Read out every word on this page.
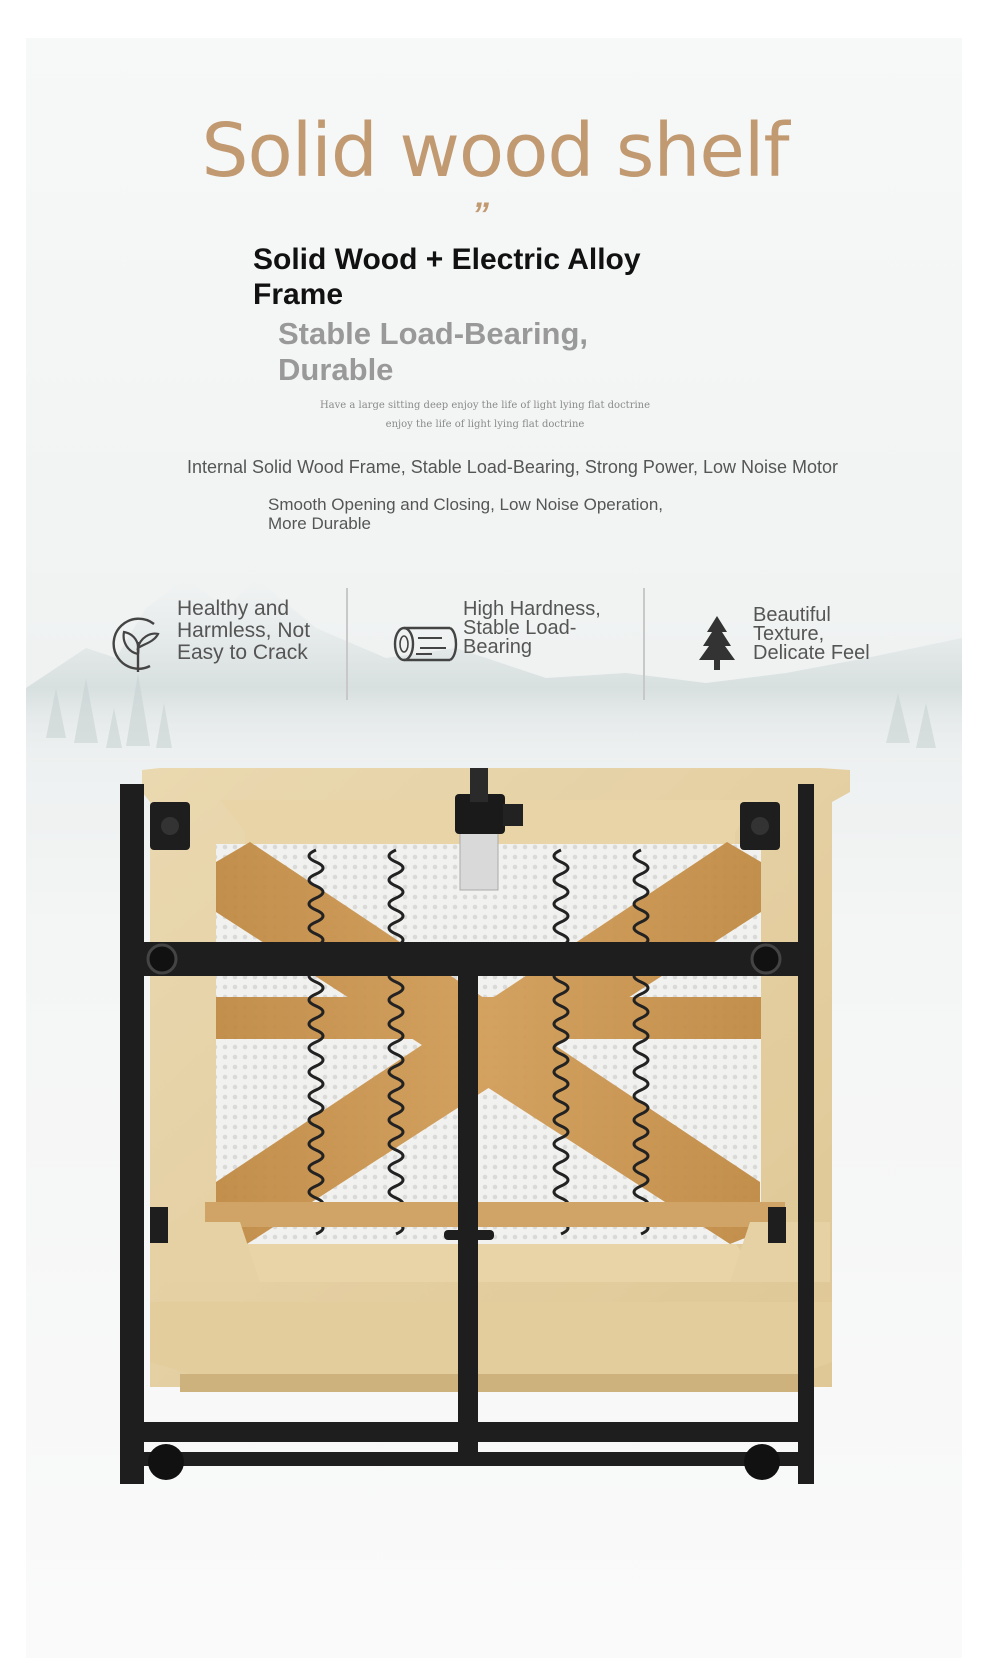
Solid wood shelf
”
Solid Wood + Electric Alloy Frame
Stable Load-Bearing, Durable
Have a large sitting deep enjoy the life of light lying flat doctrine
enjoy the life of light lying flat doctrine
Internal Solid Wood Frame, Stable Load-Bearing, Strong Power, Low Noise Motor
Smooth Opening and Closing, Low Noise Operation, More Durable
Healthy and Harmless, Not Easy to Crack
High Hardness, Stable Load-Bearing
Beautiful Texture, Delicate Feel
